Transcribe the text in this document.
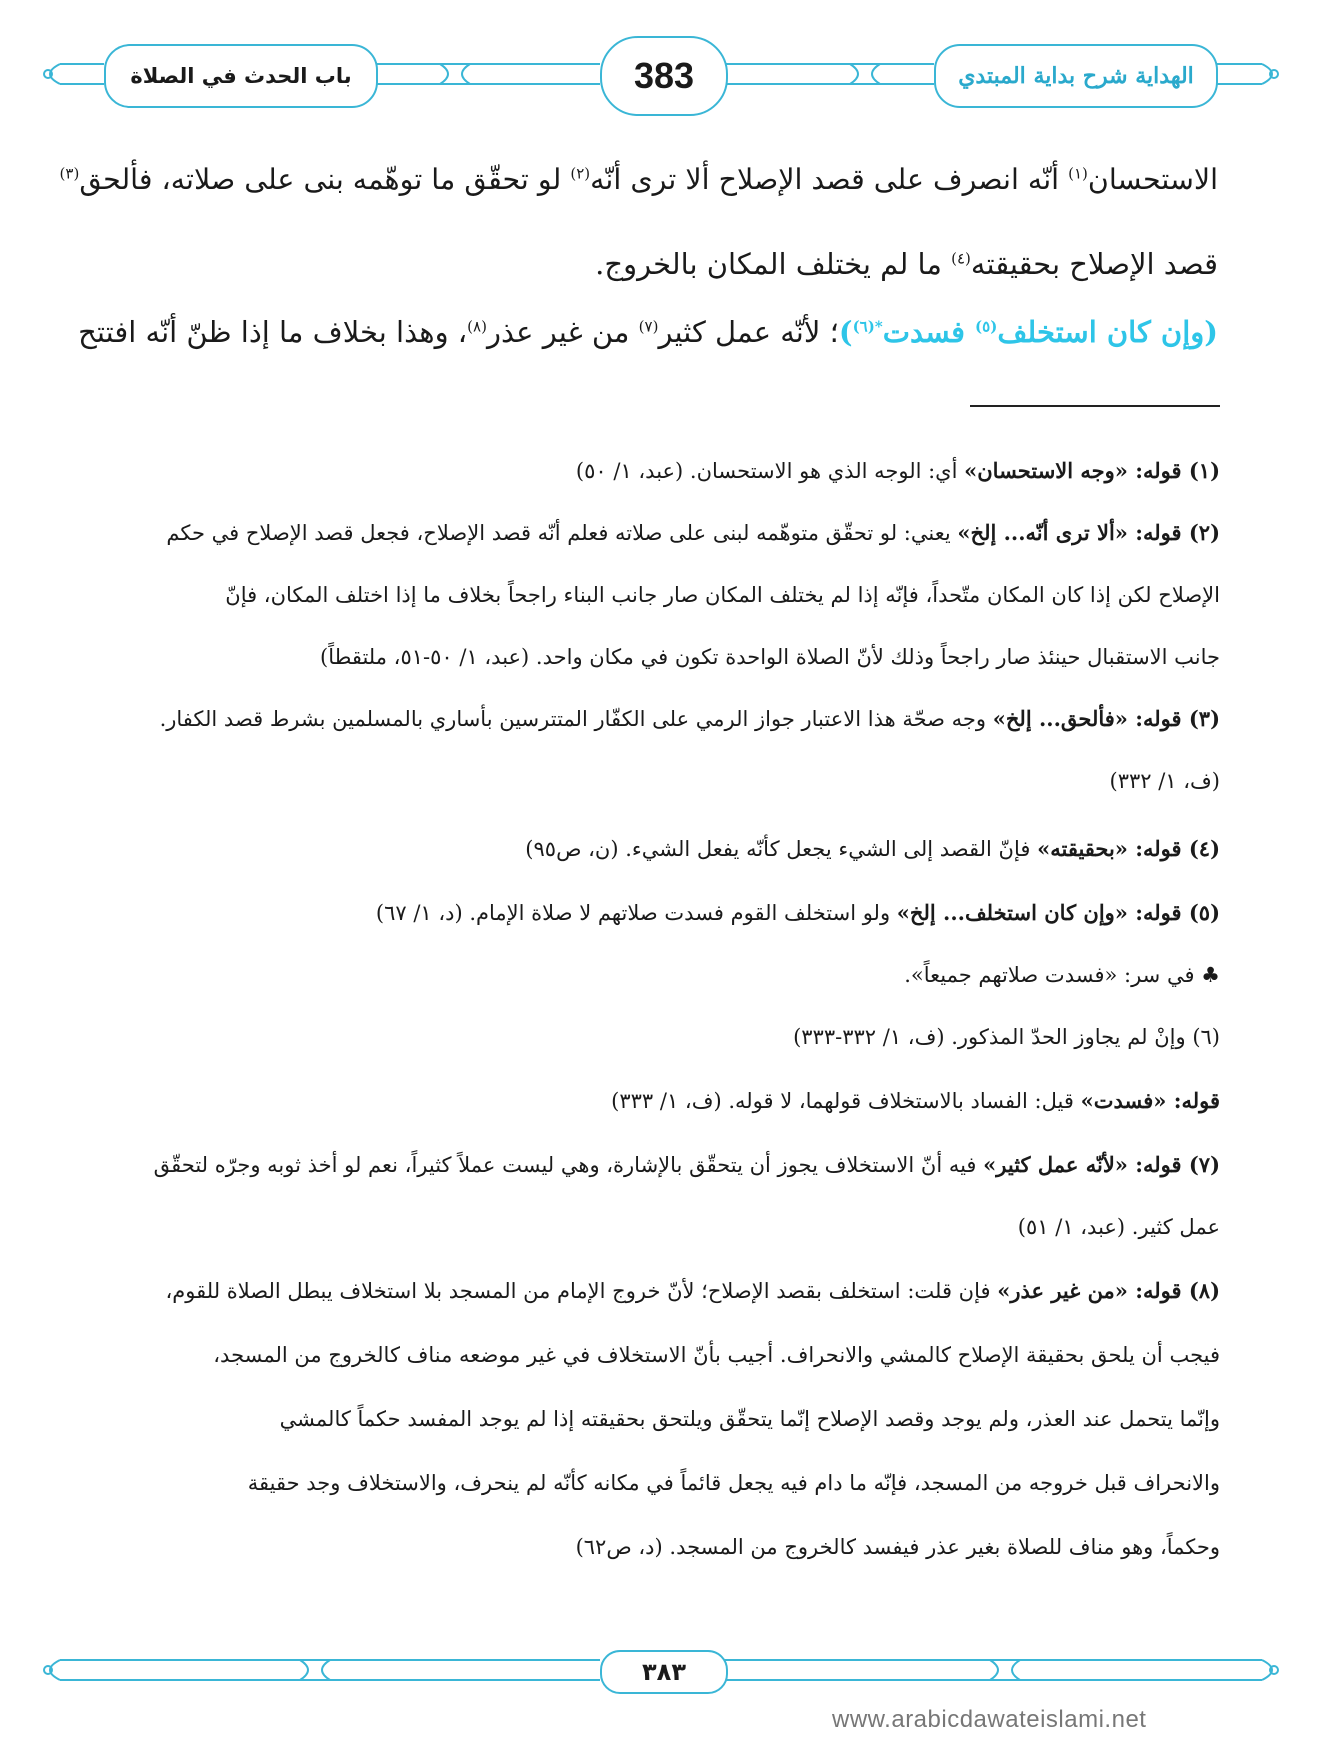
باب الحدث في الصلاة	383	الهداية شرح بداية المبتدي
الاستحسان$^{(١)}$ أنّه انصرف على قصد الإصلاح ألا ترى أنّه$^{(٢)}$ لو تحقّق ما توهّمه بنى على صلاته، فألحق$^{(٣)}$
قصد الإصلاح بحقيقته$^{(٤)}$ ما لم يختلف المكان بالخروج.
(وإن كان استخلف$^{(٥)}$ فسدت$^{*(٦)}$)؛ لأنّه عمل كثير$^{(٧)}$ من غير عذر$^{(٨)}$، وهذا بخلاف ما إذا ظنّ أنّه افتتح
(١) قوله: «وجه الاستحسان» أي: الوجه الذي هو الاستحسان. (عبد، ١/ ٥٠)
(٢) قوله: «ألا ترى أنّه... إلخ» يعني: لو تحقّق متوهّمه لبنى على صلاته فعلم أنّه قصد الإصلاح، فجعل قصد الإصلاح في حكم
الإصلاح لكن إذا كان المكان متّحداً، فإنّه إذا لم يختلف المكان صار جانب البناء راجحاً بخلاف ما إذا اختلف المكان، فإنّ
جانب الاستقبال حينئذ صار راجحاً وذلك لأنّ الصلاة الواحدة تكون في مكان واحد. (عبد، ١/ ٥٠-٥١، ملتقطاً)
(٣) قوله: «فألحق... إلخ» وجه صحّة هذا الاعتبار جواز الرمي على الكفّار المتترسين بأساري بالمسلمين بشرط قصد الكفار.
(ف، ١/ ٣٣٢)
(٤) قوله: «بحقيقته» فإنّ القصد إلى الشيء يجعل كأنّه يفعل الشيء. (ن، ص٩٥)
(٥) قوله: «وإن كان استخلف... إلخ» ولو استخلف القوم فسدت صلاتهم لا صلاة الإمام. (د، ١/ ٦٧)
♣ في سر: «فسدت صلاتهم جميعاً».
(٦) وإنْ لم يجاوز الحدّ المذكور. (ف، ١/ ٣٣٢-٣٣٣)
قوله: «فسدت» قيل: الفساد بالاستخلاف قولهما، لا قوله. (ف، ١/ ٣٣٣)
(٧) قوله: «لأنّه عمل كثير» فيه أنّ الاستخلاف يجوز أن يتحقّق بالإشارة، وهي ليست عملاً كثيراً، نعم لو أخذ ثوبه وجرّه لتحقّق
عمل كثير. (عبد، ١/ ٥١)
(٨) قوله: «من غير عذر» فإن قلت: استخلف بقصد الإصلاح؛ لأنّ خروج الإمام من المسجد بلا استخلاف يبطل الصلاة للقوم،
فيجب أن يلحق بحقيقة الإصلاح كالمشي والانحراف. أجيب بأنّ الاستخلاف في غير موضعه مناف كالخروج من المسجد،
وإنّما يتحمل عند العذر، ولم يوجد وقصد الإصلاح إنّما يتحقّق ويلتحق بحقيقته إذا لم يوجد المفسد حكماً كالمشي
والانحراف قبل خروجه من المسجد، فإنّه ما دام فيه يجعل قائماً في مكانه كأنّه لم ينحرف، والاستخلاف وجد حقيقة
وحكماً، وهو مناف للصلاة بغير عذر فيفسد كالخروج من المسجد. (د، ص٦٢)
٣٨٣
www.arabicdawateislami.net
